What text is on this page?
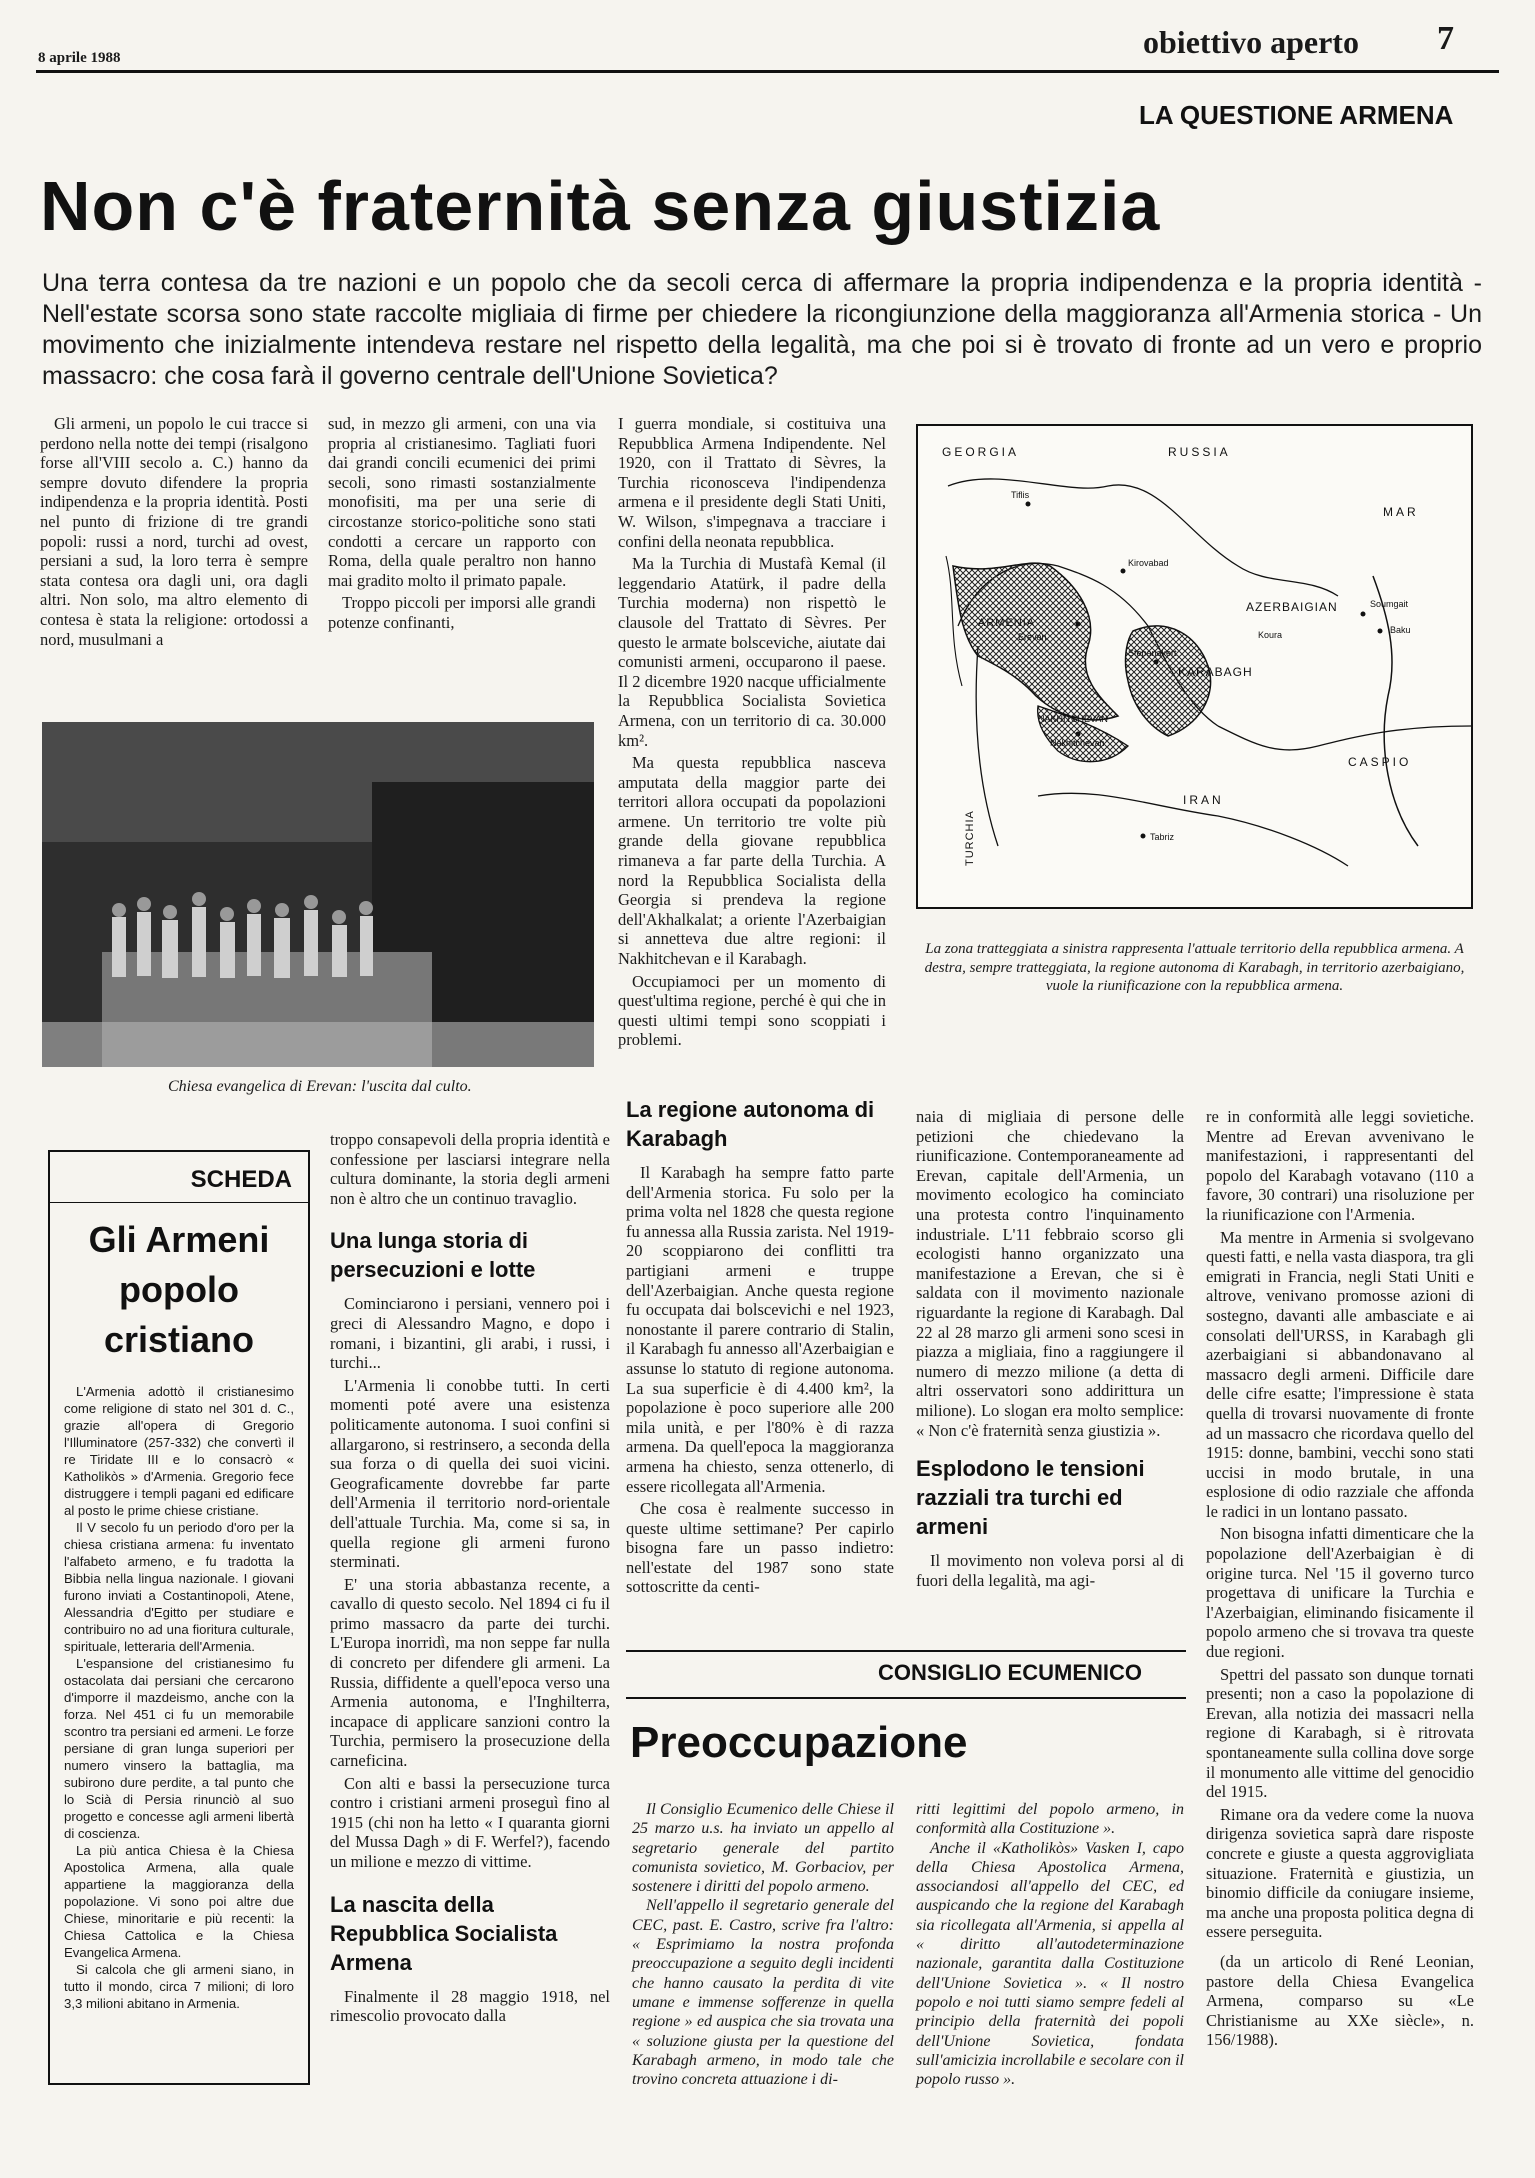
8 aprile 1988	obiettivo aperto 7
LA QUESTIONE ARMENA
Non c'è fraternità senza giustizia
Una terra contesa da tre nazioni e un popolo che da secoli cerca di affermare la propria indipendenza e la propria identità - Nell'estate scorsa sono state raccolte migliaia di firme per chiedere la ricongiunzione della maggioranza all'Armenia storica - Un movimento che inizialmente intendeva restare nel rispetto della legalità, ma che poi si è trovato di fronte ad un vero e proprio massacro: che cosa farà il governo centrale dell'Unione Sovietica?

Gli armeni, un popolo le cui tracce si perdono nella notte dei tempi (risalgono forse all'VIII secolo a. C.) hanno da sempre dovuto difendere la propria indipendenza e la propria identità. Posti nel punto di frizione di tre grandi popoli: russi a nord, turchi ad ovest, persiani a sud, la loro terra è sempre stata contesa ora dagli uni, ora dagli altri. Non solo, ma altro elemento di contesa è stata la religione: ortodossi a nord, musulmani a

sud, in mezzo gli armeni, con una via propria al cristianesimo. Tagliati fuori dai grandi concili ecumenici dei primi secoli, sono rimasti sostanzialmente monofisiti, ma per una serie di circostanze storico-politiche sono stati condotti a cercare un rapporto con Roma, della quale peraltro non hanno mai gradito molto il primato papale.

Troppo piccoli per imporsi alle grandi potenze confinanti,

Chiesa evangelica di Erevan: l'uscita dal culto.

I guerra mondiale, si costituiva una Repubblica Armena Indipendente. Nel 1920, con il Trattato di Sèvres, la Turchia riconosceva l'indipendenza armena e il presidente degli Stati Uniti, W. Wilson, s'impegnava a tracciare i confini della neonata repubblica.

Ma la Turchia di Mustafà Kemal (il leggendario Atatürk, il padre della Turchia moderna) non rispettò le clausole del Trattato di Sèvres. Per questo le armate bolsceviche, aiutate dai comunisti armeni, occuparono il paese. Il 2 dicembre 1920 nacque ufficialmente la Repubblica Socialista Sovietica Armena, con un territorio di ca. 30.000 km².

Ma questa repubblica nasceva amputata della maggior parte dei territori allora occupati da popolazioni armene. Un territorio tre volte più grande della giovane repubblica rimaneva a far parte della Turchia. A nord la Repubblica Socialista della Georgia si prendeva la regione dell'Akhalkalat; a oriente l'Azerbaigian si annetteva due altre regioni: il Nakhitchevan e il Karabagh.

Occupiamoci per un momento di quest'ultima regione, perché è qui che in questi ultimi tempi sono scoppiati i problemi.

GEORGIA	RUSSIA
MAR
ARMENIA
AZERBAIGIAN
KARABAGH
CASPIO
IRAN
TURCHIA
Tiflis
Erevan
Kirovabad
Soumgait
Baku
Koura
Stepanakert
NAKHITCHEVAN
Nakhitchevan
Tabriz
La zona tratteggiata a sinistra rappresenta l'attuale territorio della repubblica armena. A destra, sempre tratteggiata, la regione autonoma di Karabagh, in territorio azerbaigiano, vuole la riunificazione con la repubblica armena.
SCHEDA
Gli Armeni popolo cristiano

L'Armenia adottò il cristianesimo come religione di stato nel 301 d. C., grazie all'opera di Gregorio l'Illuminatore (257-332) che convertì il re Tiridate III e lo consacrò « Katholikòs » d'Armenia. Gregorio fece distruggere i templi pagani ed edificare al posto le prime chiese cristiane.

Il V secolo fu un periodo d'oro per la chiesa cristiana armena: fu inventato l'alfabeto armeno, e fu tradotta la Bibbia nella lingua nazionale. I giovani furono inviati a Costantinopoli, Atene, Alessandria d'Egitto per studiare e contribuiro no ad una fioritura culturale, spirituale, letteraria dell'Armenia.

L'espansione del cristianesimo fu ostacolata dai persiani che cercarono d'imporre il mazdeismo, anche con la forza. Nel 451 ci fu un memorabile scontro tra persiani ed armeni. Le forze persiane di gran lunga superiori per numero vinsero la battaglia, ma subirono dure perdite, a tal punto che lo Scià di Persia rinunciò al suo progetto e concesse agli armeni libertà di coscienza.

La più antica Chiesa è la Chiesa Apostolica Armena, alla quale appartiene la maggioranza della popolazione. Vi sono poi altre due Chiese, minoritarie e più recenti: la Chiesa Cattolica e la Chiesa Evangelica Armena.

Si calcola che gli armeni siano, in tutto il mondo, circa 7 milioni; di loro 3,3 milioni abitano in Armenia.

troppo consapevoli della propria identità e confessione per lasciarsi integrare nella cultura dominante, la storia degli armeni non è altro che un continuo travaglio.

Una lunga storia di persecuzioni e lotte

Cominciarono i persiani, vennero poi i greci di Alessandro Magno, e dopo i romani, i bizantini, gli arabi, i russi, i turchi...

L'Armenia li conobbe tutti. In certi momenti poté avere una esistenza politicamente autonoma. I suoi confini si allargarono, si restrinsero, a seconda della sua forza o di quella dei suoi vicini. Geograficamente dovrebbe far parte dell'Armenia il territorio nord-orientale dell'attuale Turchia. Ma, come si sa, in quella regione gli armeni furono sterminati.

E' una storia abbastanza recente, a cavallo di questo secolo. Nel 1894 ci fu il primo massacro da parte dei turchi. L'Europa inorridì, ma non seppe far nulla di concreto per difendere gli armeni. La Russia, diffidente a quell'epoca verso una Armenia autonoma, e l'Inghilterra, incapace di applicare sanzioni contro la Turchia, permisero la prosecuzione della carneficina.

Con alti e bassi la persecuzione turca contro i cristiani armeni proseguì fino al 1915 (chi non ha letto « I quaranta giorni del Mussa Dagh » di F. Werfel?), facendo un milione e mezzo di vittime.

La nascita della Repubblica Socialista Armena

Finalmente il 28 maggio 1918, nel rimescolio provocato dalla

La regione autonoma di Karabagh

Il Karabagh ha sempre fatto parte dell'Armenia storica. Fu solo per la prima volta nel 1828 che questa regione fu annessa alla Russia zarista. Nel 1919-20 scoppiarono dei conflitti tra partigiani armeni e truppe dell'Azerbaigian. Anche questa regione fu occupata dai bolscevichi e nel 1923, nonostante il parere contrario di Stalin, il Karabagh fu annesso all'Azerbaigian e assunse lo statuto di regione autonoma. La sua superficie è di 4.400 km², la popolazione è poco superiore alle 200 mila unità, e per l'80% è di razza armena. Da quell'epoca la maggioranza armena ha chiesto, senza ottenerlo, di essere ricollegata all'Armenia.

Che cosa è realmente successo in queste ultime settimane? Per capirlo bisogna fare un passo indietro: nell'estate del 1987 sono state sottoscritte da centi-

naia di migliaia di persone delle petizioni che chiedevano la riunificazione. Contemporaneamente ad Erevan, capitale dell'Armenia, un movimento ecologico ha cominciato una protesta contro l'inquinamento industriale. L'11 febbraio scorso gli ecologisti hanno organizzato una manifestazione a Erevan, che si è saldata con il movimento nazionale riguardante la regione di Karabagh. Dal 22 al 28 marzo gli armeni sono scesi in piazza a migliaia, fino a raggiungere il numero di mezzo milione (a detta di altri osservatori sono addirittura un milione). Lo slogan era molto semplice: « Non c'è fraternità senza giustizia ».

Esplodono le tensioni razziali tra turchi ed armeni

Il movimento non voleva porsi al di fuori della legalità, ma agi-

re in conformità alle leggi sovietiche. Mentre ad Erevan avvenivano le manifestazioni, i rappresentanti del popolo del Karabagh votavano (110 a favore, 30 contrari) una risoluzione per la riunificazione con l'Armenia.

Ma mentre in Armenia si svolgevano questi fatti, e nella vasta diaspora, tra gli emigrati in Francia, negli Stati Uniti e altrove, venivano promosse azioni di sostegno, davanti alle ambasciate e ai consolati dell'URSS, in Karabagh gli azerbaigiani si abbandonavano al massacro degli armeni. Difficile dare delle cifre esatte; l'impressione è stata quella di trovarsi nuovamente di fronte ad un massacro che ricordava quello del 1915: donne, bambini, vecchi sono stati uccisi in modo brutale, in una esplosione di odio razziale che affonda le radici in un lontano passato.

Non bisogna infatti dimenticare che la popolazione dell'Azerbaigian è di origine turca. Nel '15 il governo turco progettava di unificare la Turchia e l'Azerbaigian, eliminando fisicamente il popolo armeno che si trovava tra queste due regioni.

Spettri del passato son dunque tornati presenti; non a caso la popolazione di Erevan, alla notizia dei massacri nella regione di Karabagh, si è ritrovata spontaneamente sulla collina dove sorge il monumento alle vittime del genocidio del 1915.

Rimane ora da vedere come la nuova dirigenza sovietica saprà dare risposte concrete e giuste a questa aggrovigliata situazione. Fraternità e giustizia, un binomio difficile da coniugare insieme, ma anche una proposta politica degna di essere perseguita.

(da un articolo di René Leonian, pastore della Chiesa Evangelica Armena, comparso su «Le Christianisme au XXe siècle», n. 156/1988).

CONSIGLIO ECUMENICO
Preoccupazione

Il Consiglio Ecumenico delle Chiese il 25 marzo u.s. ha inviato un appello al segretario generale del partito comunista sovietico, M. Gorbaciov, per sostenere i diritti del popolo armeno.

Nell'appello il segretario generale del CEC, past. E. Castro, scrive fra l'altro: « Esprimiamo la nostra profonda preoccupazione a seguito degli incidenti che hanno causato la perdita di vite umane e immense sofferenze in quella regione » ed auspica che sia trovata una « soluzione giusta per la questione del Karabagh armeno, in modo tale che trovino concreta attuazione i di-

ritti legittimi del popolo armeno, in conformità alla Costituzione ».

Anche il «Katholikòs» Vasken I, capo della Chiesa Apostolica Armena, associandosi all'appello del CEC, ed auspicando che la regione del Karabagh sia ricollegata all'Armenia, si appella al « diritto all'autodeterminazione nazionale, garantita dalla Costituzione dell'Unione Sovietica ». « Il nostro popolo e noi tutti siamo sempre fedeli al principio della fraternità dei popoli dell'Unione Sovietica, fondata sull'amicizia incrollabile e secolare con il popolo russo ».
